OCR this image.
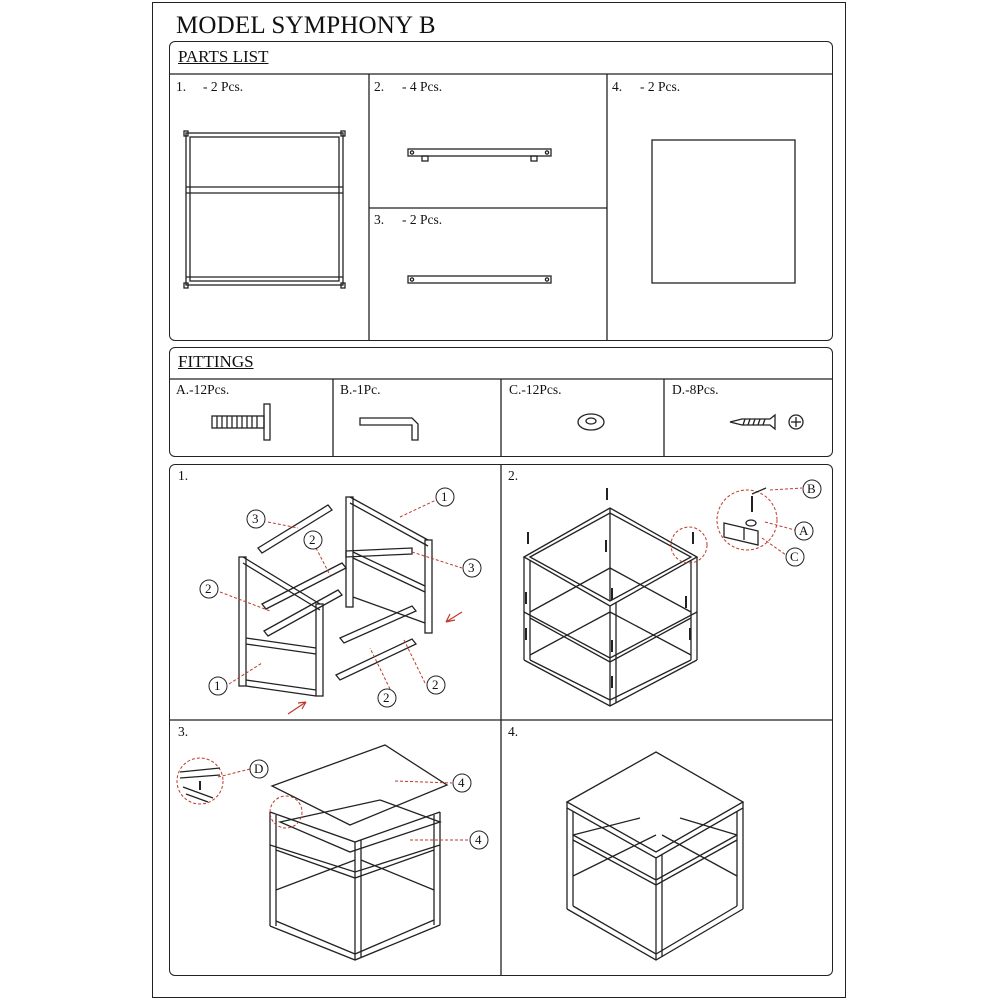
MODEL SYMPHONY B
PARTS LIST
1. - 2 Pcs.	2. - 4 Pcs.
3. - 2 Pcs.
4. - 2 Pcs.
FITTINGS
A.-12Pcs.	B.-1Pc.	C.-12Pcs.	D.-8Pcs.
1.	2.
3.	4.
1
3
2
3
2
2
1
2
B
A
C
D
4
4
